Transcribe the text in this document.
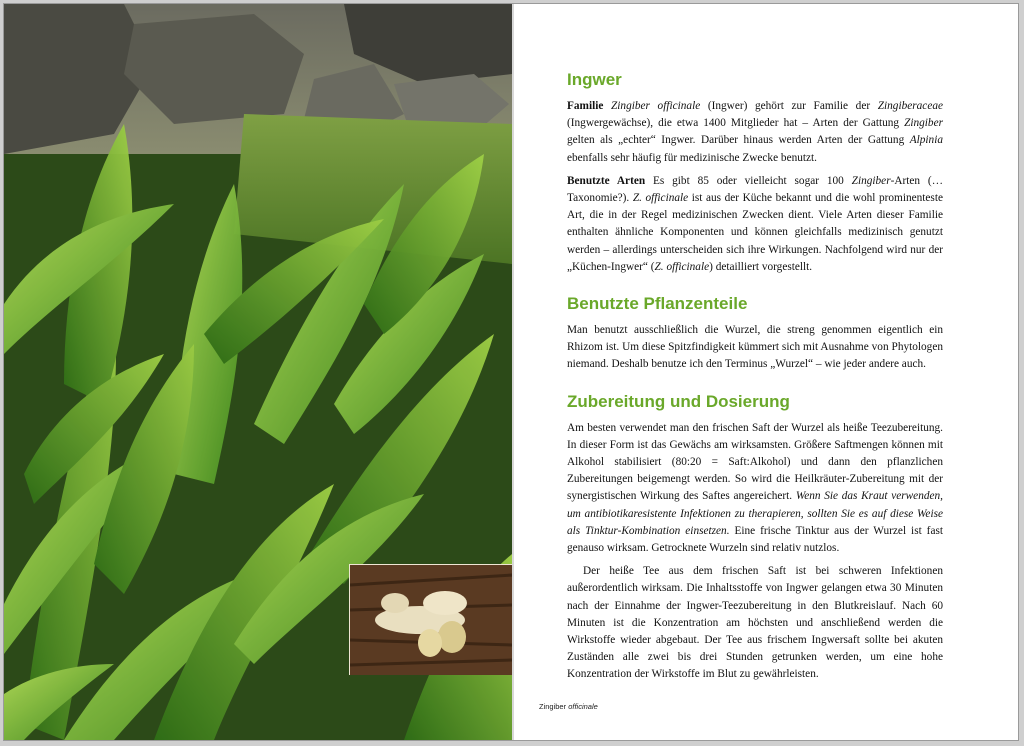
Ingwer

Familie Zingiber officinale (Ingwer) gehört zur Familie der Zingiberaceae (Ingwergewächse), die etwa 1400 Mitglieder hat – Arten der Gattung Zingiber gelten als „echter“ Ingwer. Darüber hinaus werden Arten der Gattung Alpinia ebenfalls sehr häufig für medizinische Zwecke benutzt.

Benutzte Arten Es gibt 85 oder vielleicht sogar 100 Zingiber-Arten (… Taxonomie?). Z. officinale ist aus der Küche bekannt und die wohl prominenteste Art, die in der Regel medizinischen Zwecken dient. Viele Arten dieser Familie enthalten ähnliche Komponenten und können gleichfalls medizinisch genutzt werden – allerdings unterscheiden sich ihre Wirkungen. Nachfolgend wird nur der „Küchen-Ingwer“ (Z. officinale) detailliert vorgestellt.

Benutzte Pflanzenteile

Man benutzt ausschließlich die Wurzel, die streng genommen eigentlich ein Rhizom ist. Um diese Spitzfindigkeit kümmert sich mit Ausnahme von Phytologen niemand. Deshalb benutze ich den Terminus „Wurzel“ – wie jeder andere auch.

Zubereitung und Dosierung

Am besten verwendet man den frischen Saft der Wurzel als heiße Teezubereitung. In dieser Form ist das Gewächs am wirksamsten. Größere Saftmengen können mit Alkohol stabilisiert (80:20 = Saft:Alkohol) und dann den pflanzlichen Zubereitungen beigemengt werden. So wird die Heilkräuter-Zubereitung mit der synergistischen Wirkung des Saftes angereichert. Wenn Sie das Kraut verwenden, um antibiotikaresistente Infektionen zu therapieren, sollten Sie es auf diese Weise als Tinktur-Kombination einsetzen. Eine frische Tinktur aus der Wurzel ist fast genauso wirksam. Getrocknete Wurzeln sind relativ nutzlos.

Der heiße Tee aus dem frischen Saft ist bei schweren Infektionen außerordentlich wirksam. Die Inhaltsstoffe von Ingwer gelangen etwa 30 Minuten nach der Einnahme der Ingwer-Teezubereitung in den Blutkreislauf. Nach 60 Minuten ist die Konzentration am höchsten und anschließend werden die Wirkstoffe wieder abgebaut. Der Tee aus frischem Ingwersaft sollte bei akuten Zuständen alle zwei bis drei Stunden getrunken werden, um eine hohe Konzentration der Wirkstoffe im Blut zu gewährleisten.

Zingiber officinale
